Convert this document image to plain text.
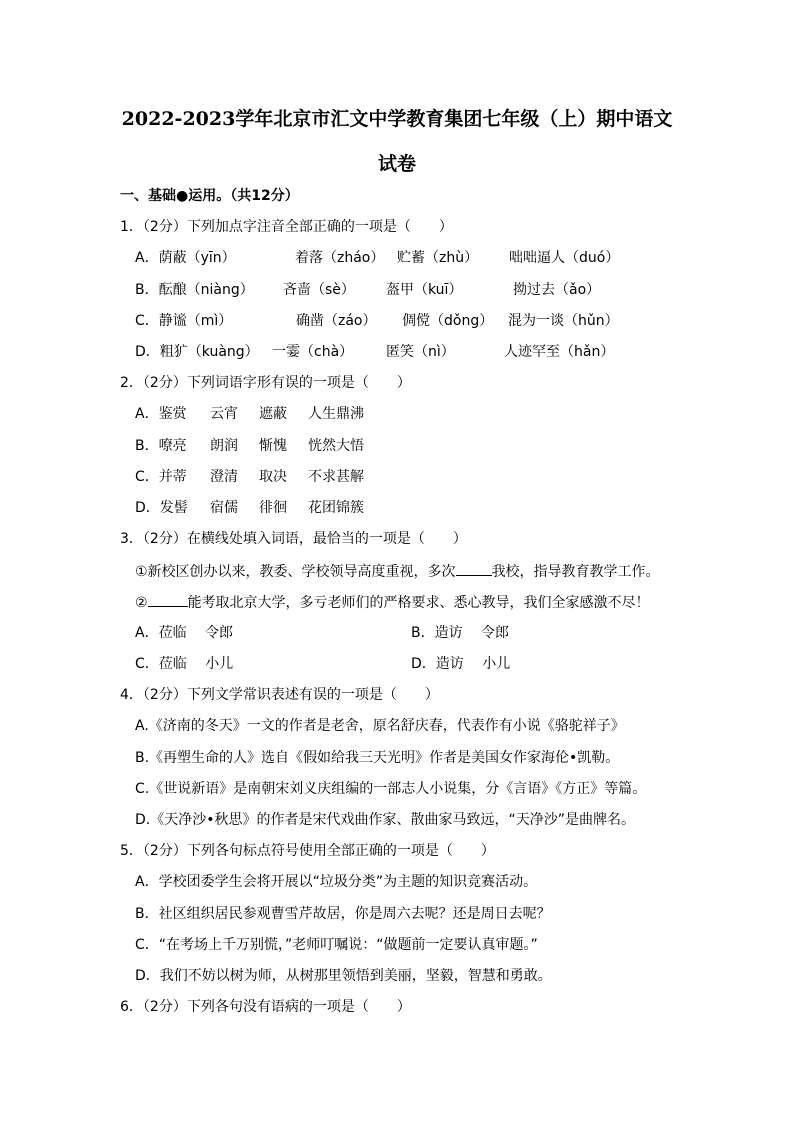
2022-2023学年北京市汇文中学教育集团七年级（上）期中语文
试卷
一、基础●运用。（共12分）
1．（2分）下列加点字注音全部正确的一项是（　　）
A．荫蔽（yīn）	着落（zháo） 贮蓄（zhù） 咄咄逼人（duó）
B．酝酿（niàng） 吝啬（sè） 盔甲（kuī）	拗过去（ǎo）
C．静谧（mì）	确凿（záo） 倜傥（dǒng） 混为一谈（hǔn）
D．粗犷（kuàng） 一霎（chà） 匿笑（nì）	人迹罕至（hǎn）
2．（2分）下列词语字形有误的一项是（　　）
A．鉴赏 云宵 遮蔽 人生鼎沸
B．嘹亮 朗润 惭愧 恍然大悟
C．并蒂 澄清 取决 不求甚解
D．发髻 宿儒 徘徊 花团锦簇
3．（2分）在横线处填入词语，最恰当的一项是（　　）
①新校区创办以来，教委、学校领导高度重视，多次	我校，指导教育教学工作。
②	能考取北京大学，多亏老师们的严格要求、悉心教导，我们全家感激不尽！
A．莅临　 令郎	B．造访　 令郎
C．莅临　 小儿	D．造访　 小儿
4．（2分）下列文学常识表述有误的一项是（　　）
A.《济南的冬天》一文的作者是老舍，原名舒庆春，代表作有小说《骆驼祥子》
B.《再塑生命的人》选自《假如给我三天光明》作者是美国女作家海伦•凯勒。
C.《世说新语》是南朝宋刘义庆组编的一部志人小说集，分《言语》《方正》等篇。
D.《天净沙•秋思》的作者是宋代戏曲作家、散曲家马致远，“天净沙”是曲牌名。
5．（2分）下列各句标点符号使用全部正确的一项是（　　）
A．学校团委学生会将开展以“垃圾分类”为主题的知识竞赛活动。
B．社区组织居民参观曹雪芹故居，你是周六去呢？还是周日去呢？
C．“在考场上千万别慌，”老师叮嘱说：“做题前一定要认真审题。”
D．我们不妨以树为师，从树那里领悟到美丽，坚毅，智慧和勇敢。
6．（2分）下列各句没有语病的一项是（　　）
